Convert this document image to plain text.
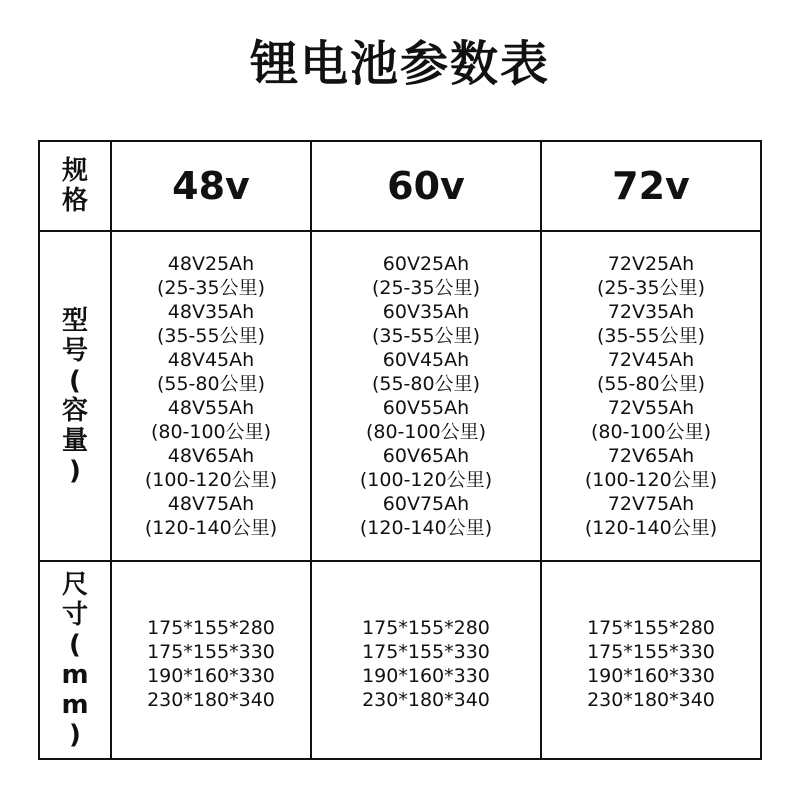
锂电池参数表
规
格
型
号
(
容
量
)
尺
寸
(
m
m
)
48v	60v	72v
48V25Ah
(25-35公里)
48V35Ah
(35-55公里)
48V45Ah
(55-80公里)
48V55Ah
(80-100公里)
48V65Ah
(100-120公里)
48V75Ah
(120-140公里)
60V25Ah
(25-35公里)
60V35Ah
(35-55公里)
60V45Ah
(55-80公里)
60V55Ah
(80-100公里)
60V65Ah
(100-120公里)
60V75Ah
(120-140公里)
72V25Ah
(25-35公里)
72V35Ah
(35-55公里)
72V45Ah
(55-80公里)
72V55Ah
(80-100公里)
72V65Ah
(100-120公里)
72V75Ah
(120-140公里)
175*155*280
175*155*330
190*160*330
230*180*340
175*155*280
175*155*330
190*160*330
230*180*340
175*155*280
175*155*330
190*160*330
230*180*340
